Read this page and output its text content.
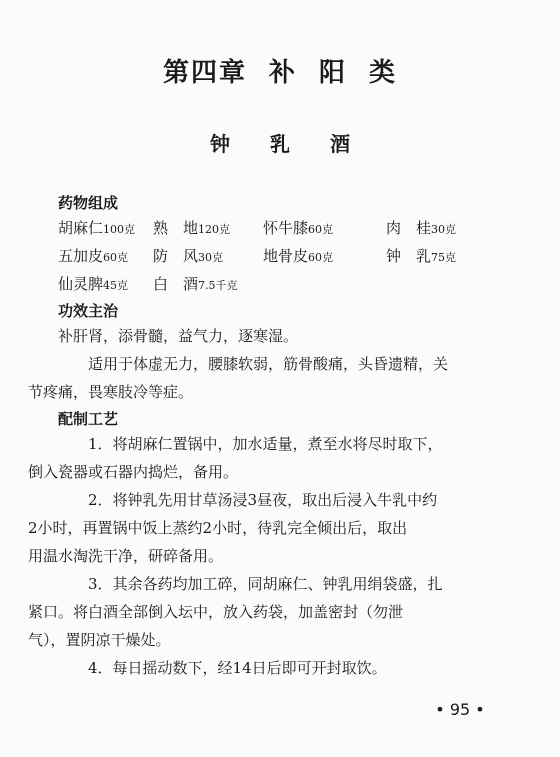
第四章 补 阳 类
钟 乳 酒
药物组成
胡麻仁100克 熟　地120克 怀牛膝60克	肉　桂30克
五加皮60克 防　风30克	地骨皮60克	钟　乳75克
仙灵脾45克 白　酒7.5千克
功效主治
补肝肾，添骨髓，益气力，逐寒湿。
适用于体虚无力，腰膝软弱，筋骨酸痛，头昏遗精，关
节疼痛，畏寒肢冷等症。
配制工艺
1．将胡麻仁置锅中，加水适量，煮至水将尽时取下，
倒入瓷器或石器内捣烂，备用。
2．将钟乳先用甘草汤浸3昼夜，取出后浸入牛乳中约
2小时，再置锅中饭上蒸约2小时，待乳完全倾出后，取出
用温水淘洗干净，研碎备用。
3．其余各药均加工碎，同胡麻仁、钟乳用绢袋盛，扎
紧口。将白酒全部倒入坛中，放入药袋，加盖密封（勿泄
气），置阴凉干燥处。
4．每日摇动数下，经14日后即可开封取饮。
• 95 •
